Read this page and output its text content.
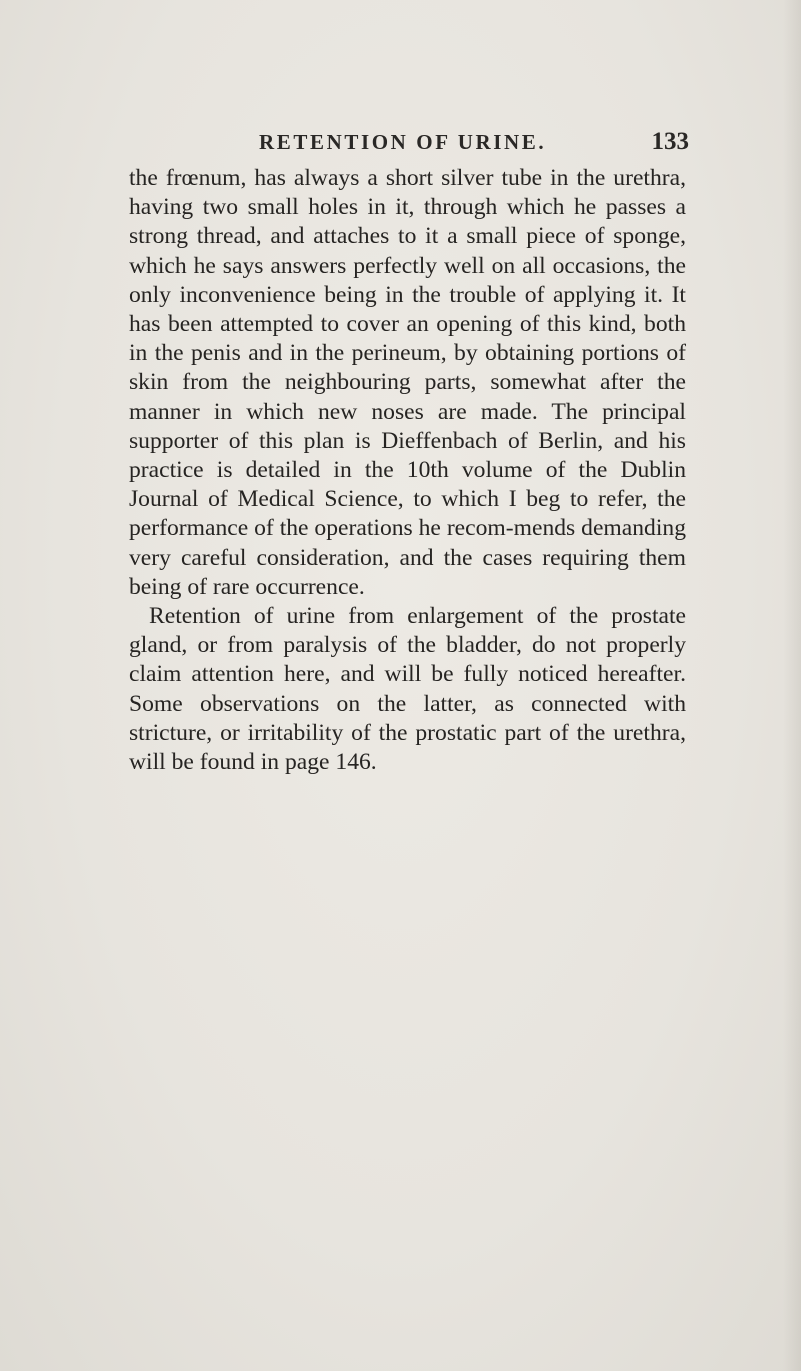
RETENTION OF URINE.	133

the frœnum, has always a short silver tube in the urethra, having two small holes in it, through which he passes a strong thread, and attaches to it a small piece of sponge, which he says answers perfectly well on all occasions, the only inconvenience being in the trouble of applying it. It has been attempted to cover an opening of this kind, both in the penis and in the perineum, by obtaining portions of skin from the neighbouring parts, somewhat after the manner in which new noses are made. The principal supporter of this plan is Dieffenbach of Berlin, and his practice is detailed in the 10th volume of the Dublin Journal of Medical Science, to which I beg to refer, the performance of the operations he recom-mends demanding very careful consideration, and the cases requiring them being of rare occurrence.

Retention of urine from enlargement of the prostate gland, or from paralysis of the bladder, do not properly claim attention here, and will be fully noticed hereafter. Some observations on the latter, as connected with stricture, or irritability of the prostatic part of the urethra, will be found in page 146.
